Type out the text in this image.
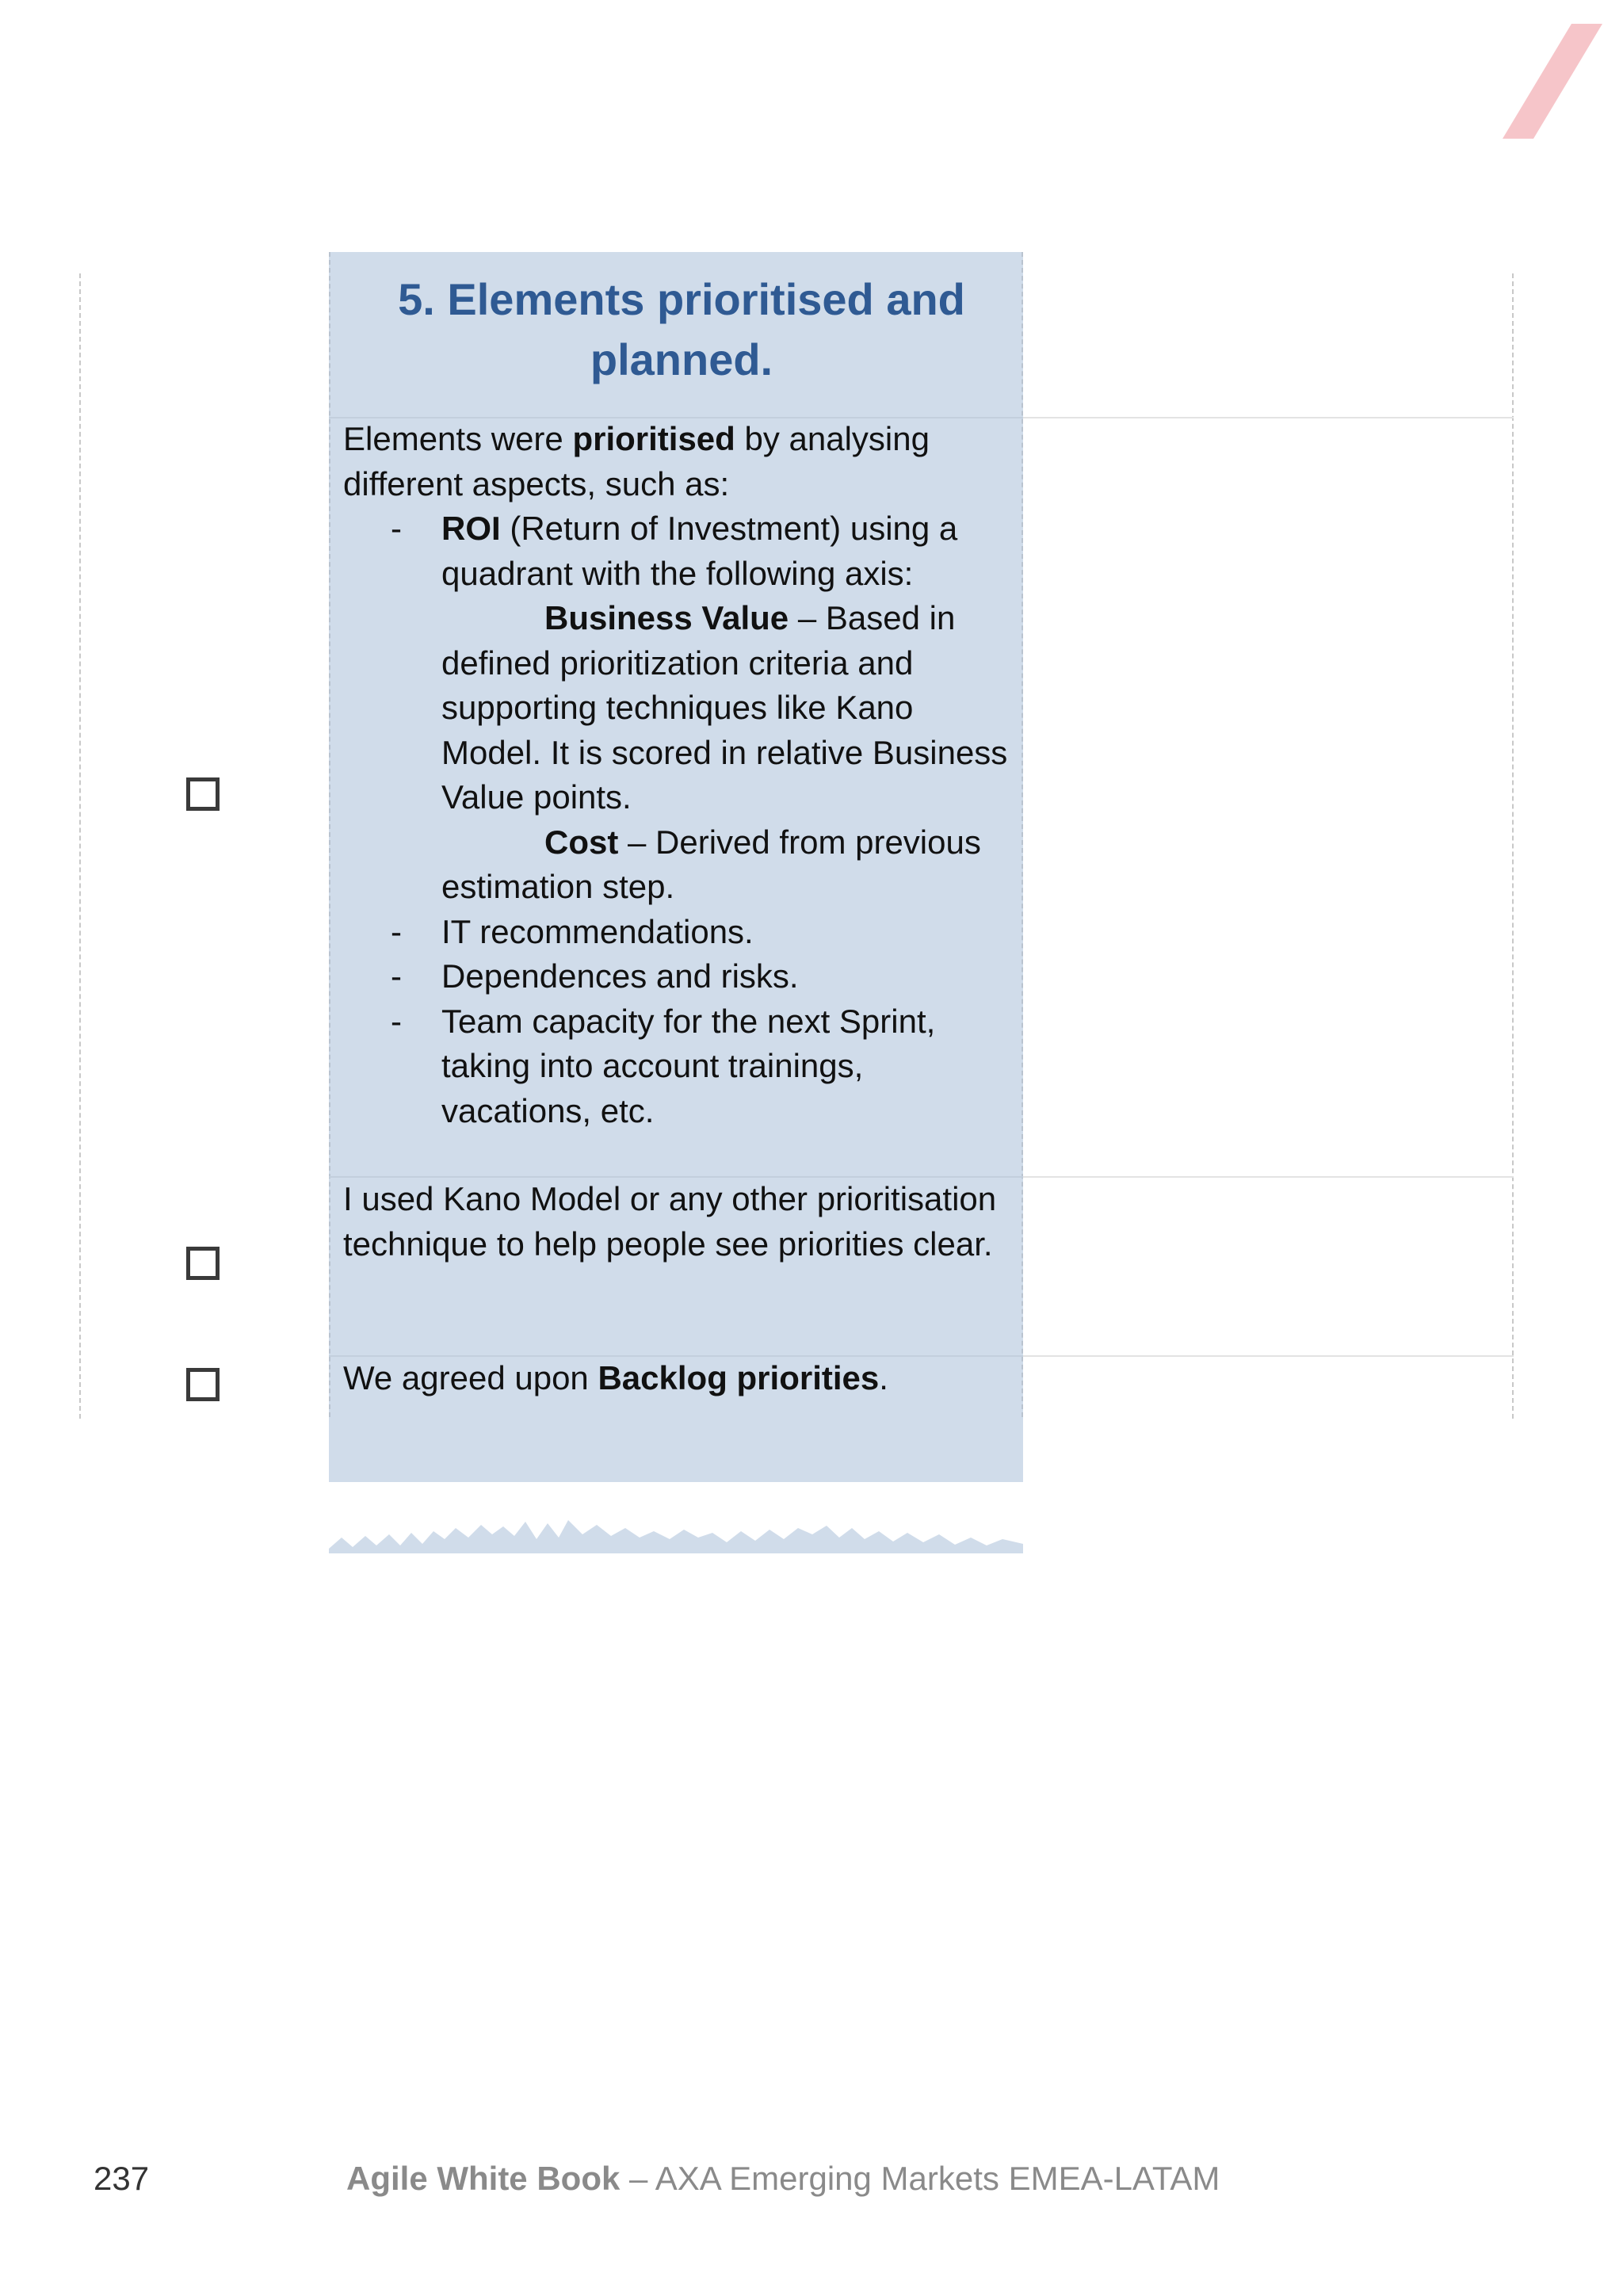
5. Elements prioritised and planned.
Elements were prioritised by analysing different aspects, such as:
- ROI (Return of Investment) using a quadrant with the following axis:
Business Value – Based in defined prioritization criteria and supporting techniques like Kano Model. It is scored in relative Business Value points.
Cost – Derived from previous estimation step.
- IT recommendations.
- Dependences and risks.
- Team capacity for the next Sprint, taking into account trainings, vacations, etc.
I used Kano Model or any other prioritisation technique to help people see priorities clear.
We agreed upon Backlog priorities.
237	Agile White Book – AXA Emerging Markets EMEA-LATAM
